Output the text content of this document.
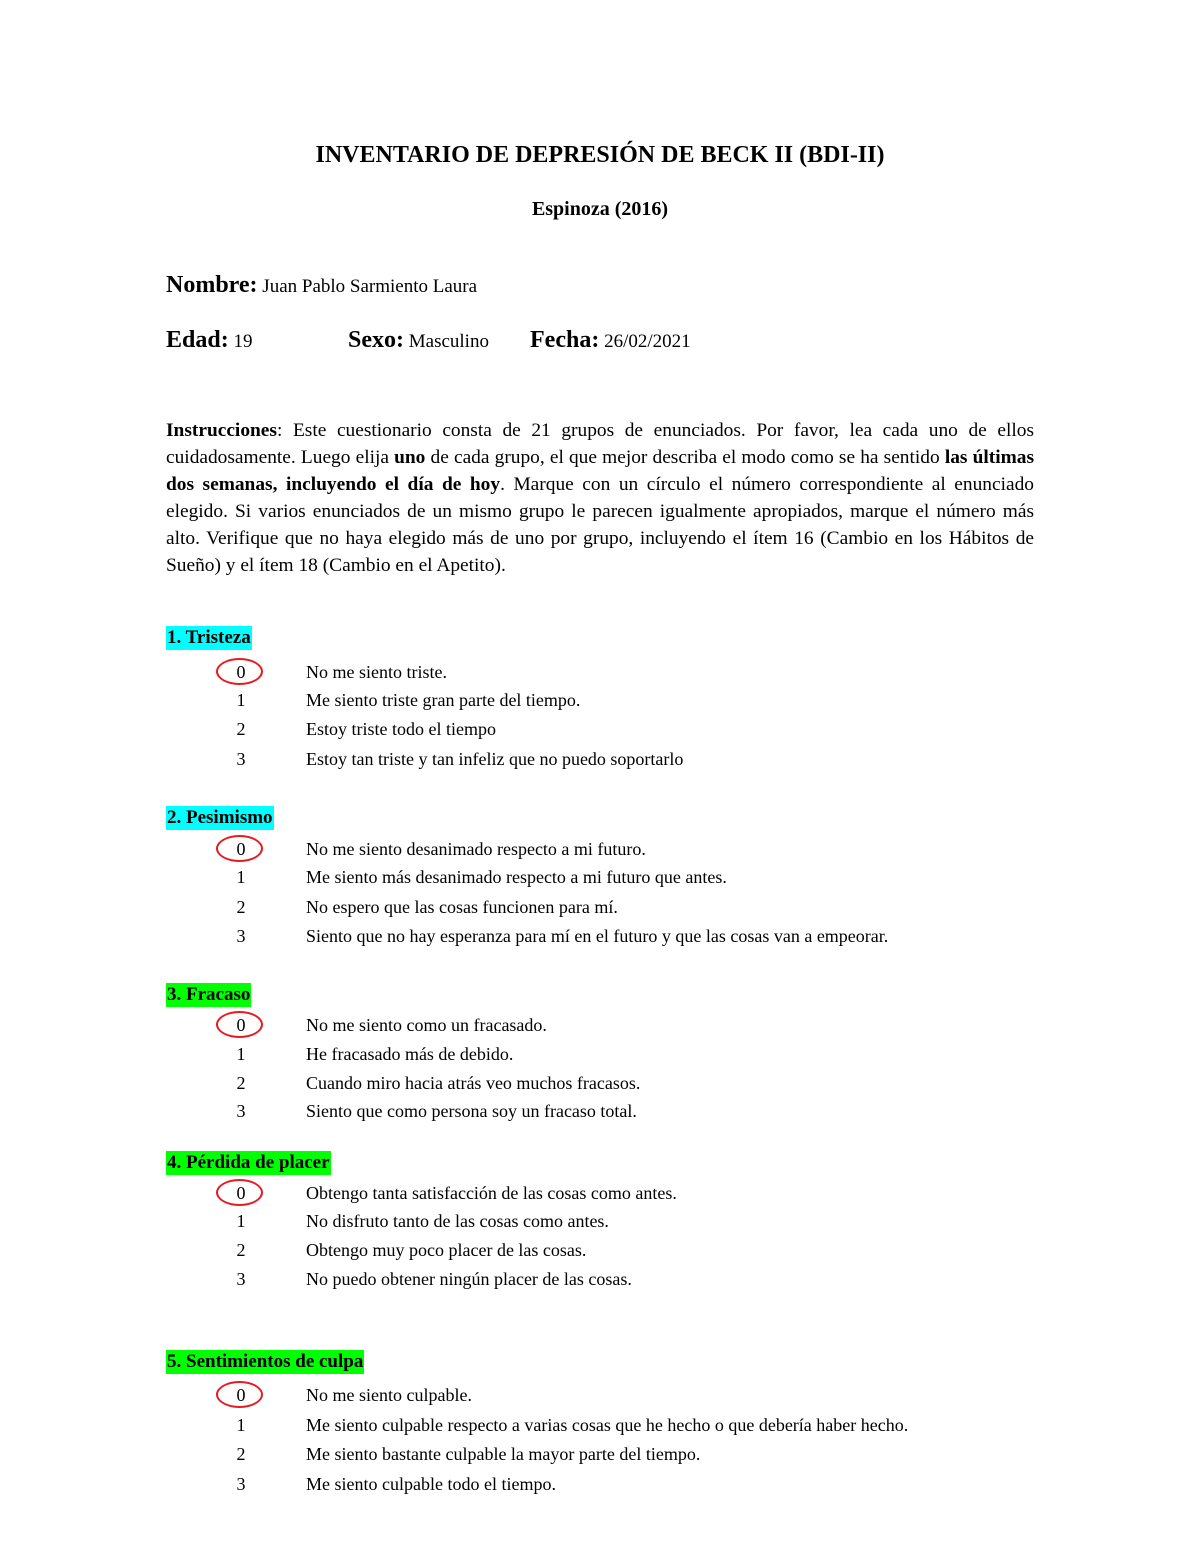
INVENTARIO DE DEPRESIÓN DE BECK II (BDI-II)
Espinoza (2016)
Nombre: Juan Pablo Sarmiento Laura
Edad: 19	Sexo: Masculino Fecha: 26/02/2021
Instrucciones: Este cuestionario consta de 21 grupos de enunciados. Por favor, lea cada uno de ellos cuidadosamente. Luego elija uno de cada grupo, el que mejor describa el modo como se ha sentido las últimas dos semanas, incluyendo el día de hoy. Marque con un círculo el número correspondiente al enunciado elegido. Si varios enunciados de un mismo grupo le parecen igualmente apropiados, marque el número más alto. Verifique que no haya elegido más de uno por grupo, incluyendo el ítem 16 (Cambio en los Hábitos de Sueño) y el ítem 18 (Cambio en el Apetito).
1. Tristeza
0	No me siento triste.
1	Me siento triste gran parte del tiempo.
2	Estoy triste todo el tiempo
3	Estoy tan triste y tan infeliz que no puedo soportarlo
2. Pesimismo
0	No me siento desanimado respecto a mi futuro.
1	Me siento más desanimado respecto a mi futuro que antes.
2	No espero que las cosas funcionen para mí.
3	Siento que no hay esperanza para mí en el futuro y que las cosas van a empeorar.
3. Fracaso
0	No me siento como un fracasado.
1	He fracasado más de debido.
2	Cuando miro hacia atrás veo muchos fracasos.
3	Siento que como persona soy un fracaso total.
4. Pérdida de placer
0	Obtengo tanta satisfacción de las cosas como antes.
1	No disfruto tanto de las cosas como antes.
2	Obtengo muy poco placer de las cosas.
3	No puedo obtener ningún placer de las cosas.
5. Sentimientos de culpa
0	No me siento culpable.
1	Me siento culpable respecto a varias cosas que he hecho o que debería haber hecho.
2	Me siento bastante culpable la mayor parte del tiempo.
3	Me siento culpable todo el tiempo.
